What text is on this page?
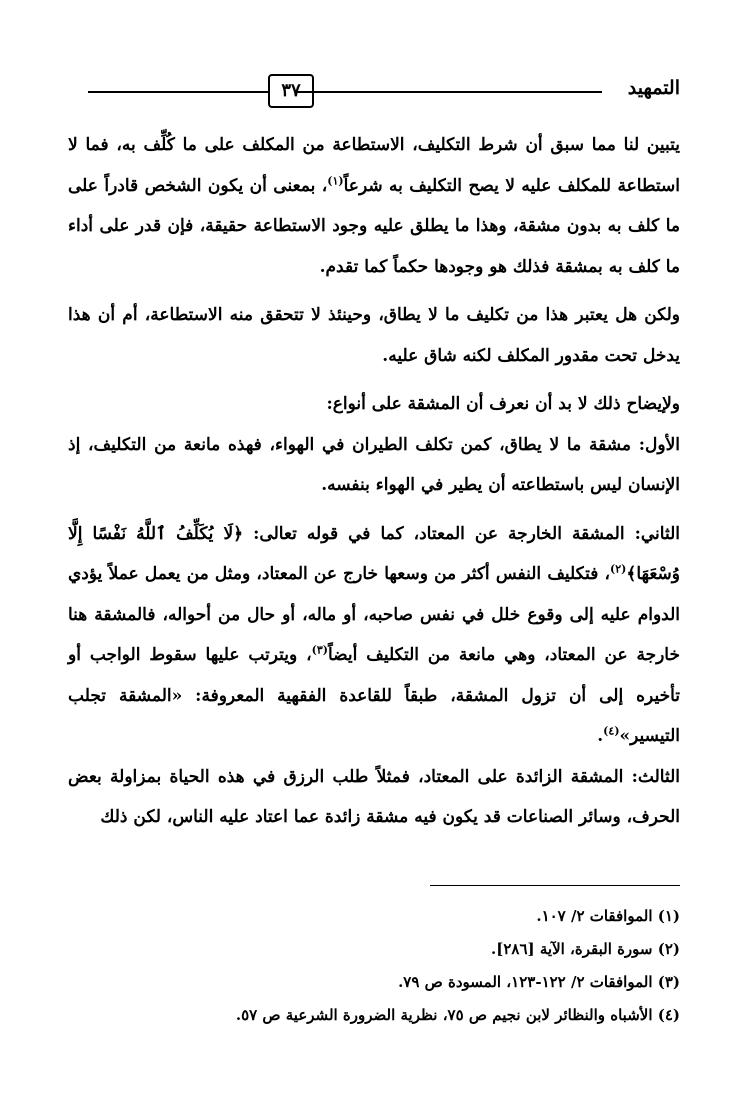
التمهيد
٣٧

يتبين لنا مما سبق أن شرط التكليف، الاستطاعة من المكلف على ما كُلِّف به، فما لا استطاعة للمكلف عليه لا يصح التكليف به شرعاً$^{(١)}$، بمعنى أن يكون الشخص قادراً على ما كلف به بدون مشقة، وهذا ما يطلق عليه وجود الاستطاعة حقيقة، فإن قدر على أداء ما كلف به بمشقة فذلك هو وجودها حكماً كما تقدم.

ولكن هل يعتبر هذا من تكليف ما لا يطاق، وحينئذ لا تتحقق منه الاستطاعة، أم أن هذا يدخل تحت مقدور المكلف لكنه شاق عليه.

ولإيضاح ذلك لا بد أن نعرف أن المشقة على أنواع:

الأول: مشقة ما لا يطاق، كمن تكلف الطيران في الهواء، فهذه مانعة من التكليف، إذ الإنسان ليس باستطاعته أن يطير في الهواء بنفسه.

الثاني: المشقة الخارجة عن المعتاد، كما في قوله تعالى: ﴿لَا يُكَلِّفُ ٱللَّهُ نَفْسًا إِلَّا وُسْعَهَا﴾$^{(٢)}$، فتكليف النفس أكثر من وسعها خارج عن المعتاد، ومثل من يعمل عملاً يؤدي الدوام عليه إلى وقوع خلل في نفس صاحبه، أو ماله، أو حال من أحواله، فالمشقة هنا خارجة عن المعتاد، وهي مانعة من التكليف أيضاً$^{(٣)}$، ويترتب عليها سقوط الواجب أو تأخيره إلى أن تزول المشقة، طبقاً للقاعدة الفقهية المعروفة: «المشقة تجلب التيسير»$^{(٤)}$.

الثالث: المشقة الزائدة على المعتاد، فمثلاً طلب الرزق في هذه الحياة بمزاولة بعض الحرف، وسائر الصناعات قد يكون فيه مشقة زائدة عما اعتاد عليه الناس، لكن ذلك

(١) الموافقات ٢/ ١٠٧.

(٢) سورة البقرة، الآية [٢٨٦].

(٣) الموافقات ٢/ ١٢٢-١٢٣، المسودة ص ٧٩.

(٤) الأشباه والنظائر لابن نجيم ص ٧٥، نظرية الضرورة الشرعية ص ٥٧.
